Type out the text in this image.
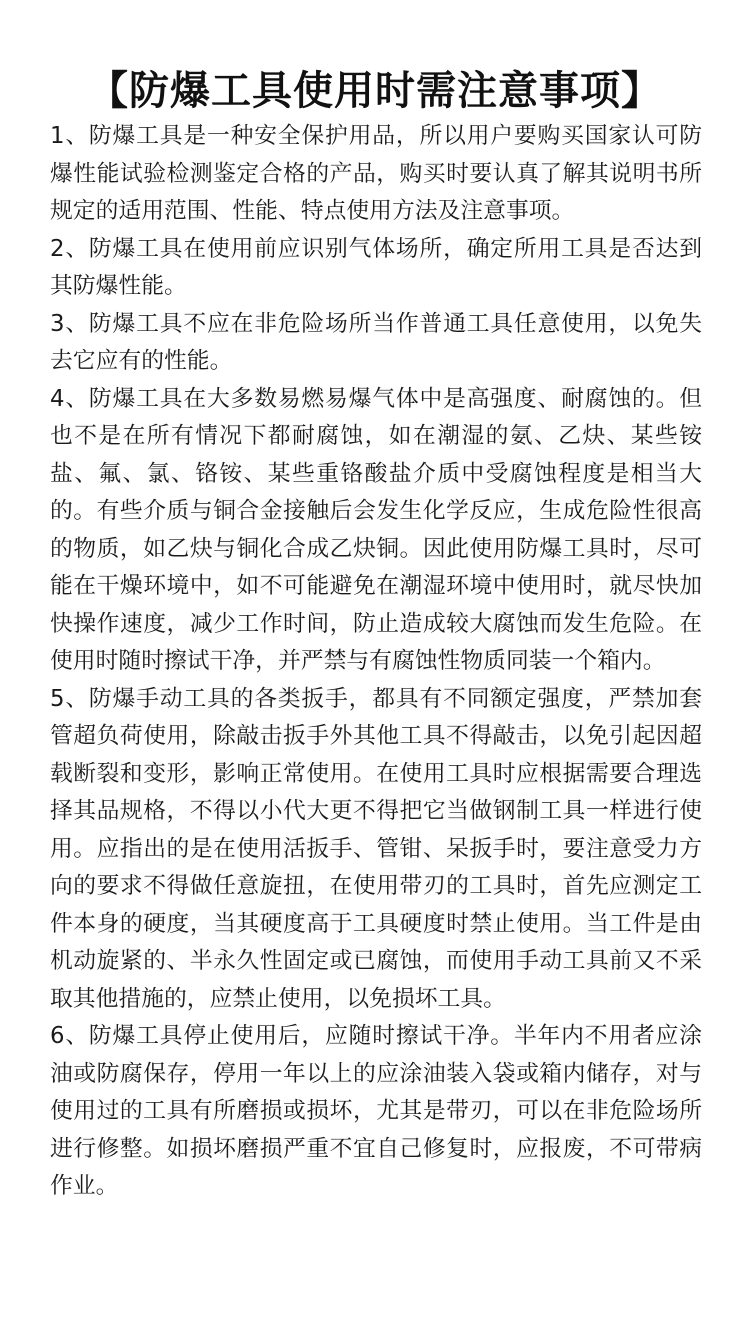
【防爆工具使用时需注意事项】

1、防爆工具是一种安全保护用品，所以用户要购买国家认可防爆性能试验检测鉴定合格的产品，购买时要认真了解其说明书所规定的适用范围、性能、特点使用方法及注意事项。

2、防爆工具在使用前应识别气体场所，确定所用工具是否达到其防爆性能。

3、防爆工具不应在非危险场所当作普通工具任意使用，以免失去它应有的性能。

4、防爆工具在大多数易燃易爆气体中是高强度、耐腐蚀的。但也不是在所有情况下都耐腐蚀，如在潮湿的氨、乙炔、某些铵盐、氟、氯、铬铵、某些重铬酸盐介质中受腐蚀程度是相当大的。有些介质与铜合金接触后会发生化学反应，生成危险性很高的物质，如乙炔与铜化合成乙炔铜。因此使用防爆工具时，尽可能在干燥环境中，如不可能避免在潮湿环境中使用时，就尽快加快操作速度，减少工作时间，防止造成较大腐蚀而发生危险。在使用时随时擦试干净，并严禁与有腐蚀性物质同装一个箱内。

5、防爆手动工具的各类扳手，都具有不同额定强度，严禁加套管超负荷使用，除敲击扳手外其他工具不得敲击，以免引起因超载断裂和变形，影响正常使用。在使用工具时应根据需要合理选择其品规格，不得以小代大更不得把它当做钢制工具一样进行使用。应指出的是在使用活扳手、管钳、呆扳手时，要注意受力方向的要求不得做任意旋扭，在使用带刃的工具时，首先应测定工件本身的硬度，当其硬度高于工具硬度时禁止使用。当工件是由机动旋紧的、半永久性固定或已腐蚀，而使用手动工具前又不采取其他措施的，应禁止使用，以免损坏工具。

6、防爆工具停止使用后，应随时擦试干净。半年内不用者应涂油或防腐保存，停用一年以上的应涂油装入袋或箱内储存，对与使用过的工具有所磨损或损坏，尤其是带刃，可以在非危险场所进行修整。如损坏磨损严重不宜自己修复时，应报废，不可带病作业。
